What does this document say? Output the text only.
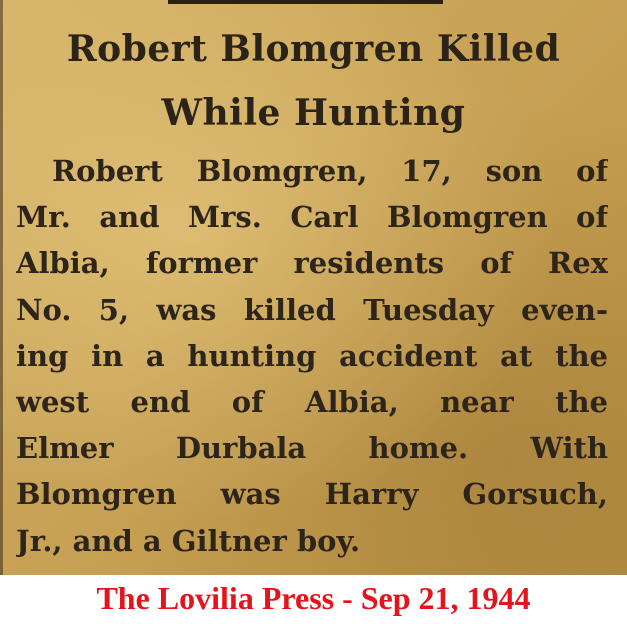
Robert Blomgren Killed
While Hunting
Robert Blomgren, 17, son of
Mr. and Mrs. Carl Blomgren of
Albia, former residents of Rex
No. 5, was killed Tuesday even-
ing in a hunting accident at the
west end of Albia, near the
Elmer Durbala home. With
Blomgren was Harry Gorsuch,
Jr., and a Giltner boy.
The Lovilia Press - Sep 21, 1944
